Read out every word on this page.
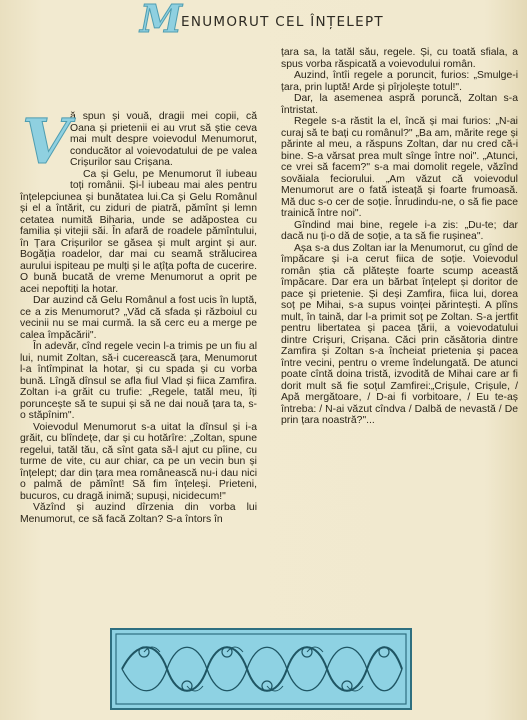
M
ENUMORUT CEL ÎNȚELEPT
V ă spun și vouă, dragii mei copii, că Oana și prietenii ei au vrut să știe ceva mai mult despre voievodul Menumorut, conducător al voievodatului de pe valea Crișurilor sau Crișana.

Ca și Gelu, pe Menumorut îl iubeau toți românii. Și-l iubeau mai ales pentru înțelepciunea și bunătatea lui.Ca și Gelu Românul și el a întărit, cu ziduri de piatră, pămînt și lemn cetatea numită Biharia, unde se adăpostea cu familia și vitejii săi. În afară de roadele pămîntului, în Țara Crișurilor se găsea și mult argint și aur. Bogăția roadelor, dar mai cu seamă strălucirea aurului ispiteau pe mulți și le ațîța pofta de cucerire. O bună bucată de vreme Menumorut a oprit pe acei nepoftiți la hotar.

Dar auzind că Gelu Românul a fost ucis în luptă, ce a zis Menumorut? „Văd că sfada și războiul cu vecinii nu se mai curmă. Ia să cerc eu a merge pe calea împăcării".

În adevăr, cînd regele vecin l-a trimis pe un fiu al lui, numit Zoltan, să-i cucerească țara, Menumorut l-a întîmpinat la hotar, și cu spada și cu vorba bună. Lîngă dînsul se afla fiul Vlad și fiica Zamfira. Zoltan i-a grăit cu trufie: „Regele, tatăl meu, îți poruncește să te supui și să ne dai nouă țara ta, s-o stăpînim".

Voievodul Menumorut s-a uitat la dînsul și i-a grăit, cu blîndețe, dar și cu hotărîre: „Zoltan, spune regelui, tatăl tău, că sînt gata să-l ajut cu pîine, cu turme de vite, cu aur chiar, ca pe un vecin bun și înțelept; dar din țara mea românească nu-i dau nici o palmă de pămînt! Să fim înțeleși. Prieteni, bucuros, cu dragă inimă; supuși, nicidecum!"

Văzînd și auzind dîrzenia din vorba lui Menumorut, ce să facă Zoltan? S-a întors în

țara sa, la tatăl său, regele. Și, cu toată sfiala, a spus vorba răspicată a voievodului român.

Auzind, întîi regele a poruncit, furios: „Smulge-i țara, prin luptă! Arde și pîrjolește totul!".

Dar, la asemenea aspră poruncă, Zoltan s-a întristat.

Regele s-a răstit la el, încă și mai furios: „N-ai curaj să te bați cu românul?" „Ba am, mărite rege și părinte al meu, a răspuns Zoltan, dar nu cred că-i bine. S-a vărsat prea mult sînge între noi". „Atunci, ce vrei să facem?" s-a mai domolit regele, văzînd sovăiala feciorului. „Am văzut că voievodul Menumorut are o fată isteață și foarte frumoasă. Mă duc s-o cer de soție. Înrudindu-ne, o să fie pace trainică între noi".

Gîndind mai bine, regele i-a zis: „Du-te; dar dacă nu ți-o dă de soție, a ta să fie rușinea".

Așa s-a dus Zoltan iar la Menumorut, cu gînd de împăcare și i-a cerut fiica de soție. Voievodul român știa că plătește foarte scump această împăcare. Dar era un bărbat înțelept și doritor de pace și prietenie. Și deși Zamfira, fiica lui, dorea soț pe Mihai, s-a supus voinței părintești. A plîns mult, în taină, dar l-a primit soț pe Zoltan. S-a jertfit pentru libertatea și pacea țării, a voievodatului dintre Crișuri, Crișana. Căci prin căsătoria dintre Zamfira și Zoltan s-a încheiat prietenia și pacea între vecini, pentru o vreme îndelungată. De atunci poate cîntă doina tristă, izvodită de Mihai care ar fi dorit mult să fie soțul Zamfirei:„Crișule, Crișule, / Apă mergătoare, / D-ai fi vorbitoare, / Eu te-aș întreba: / N-ai văzut cîndva / Dalbă de nevastă / De prin țara noastră?"...
